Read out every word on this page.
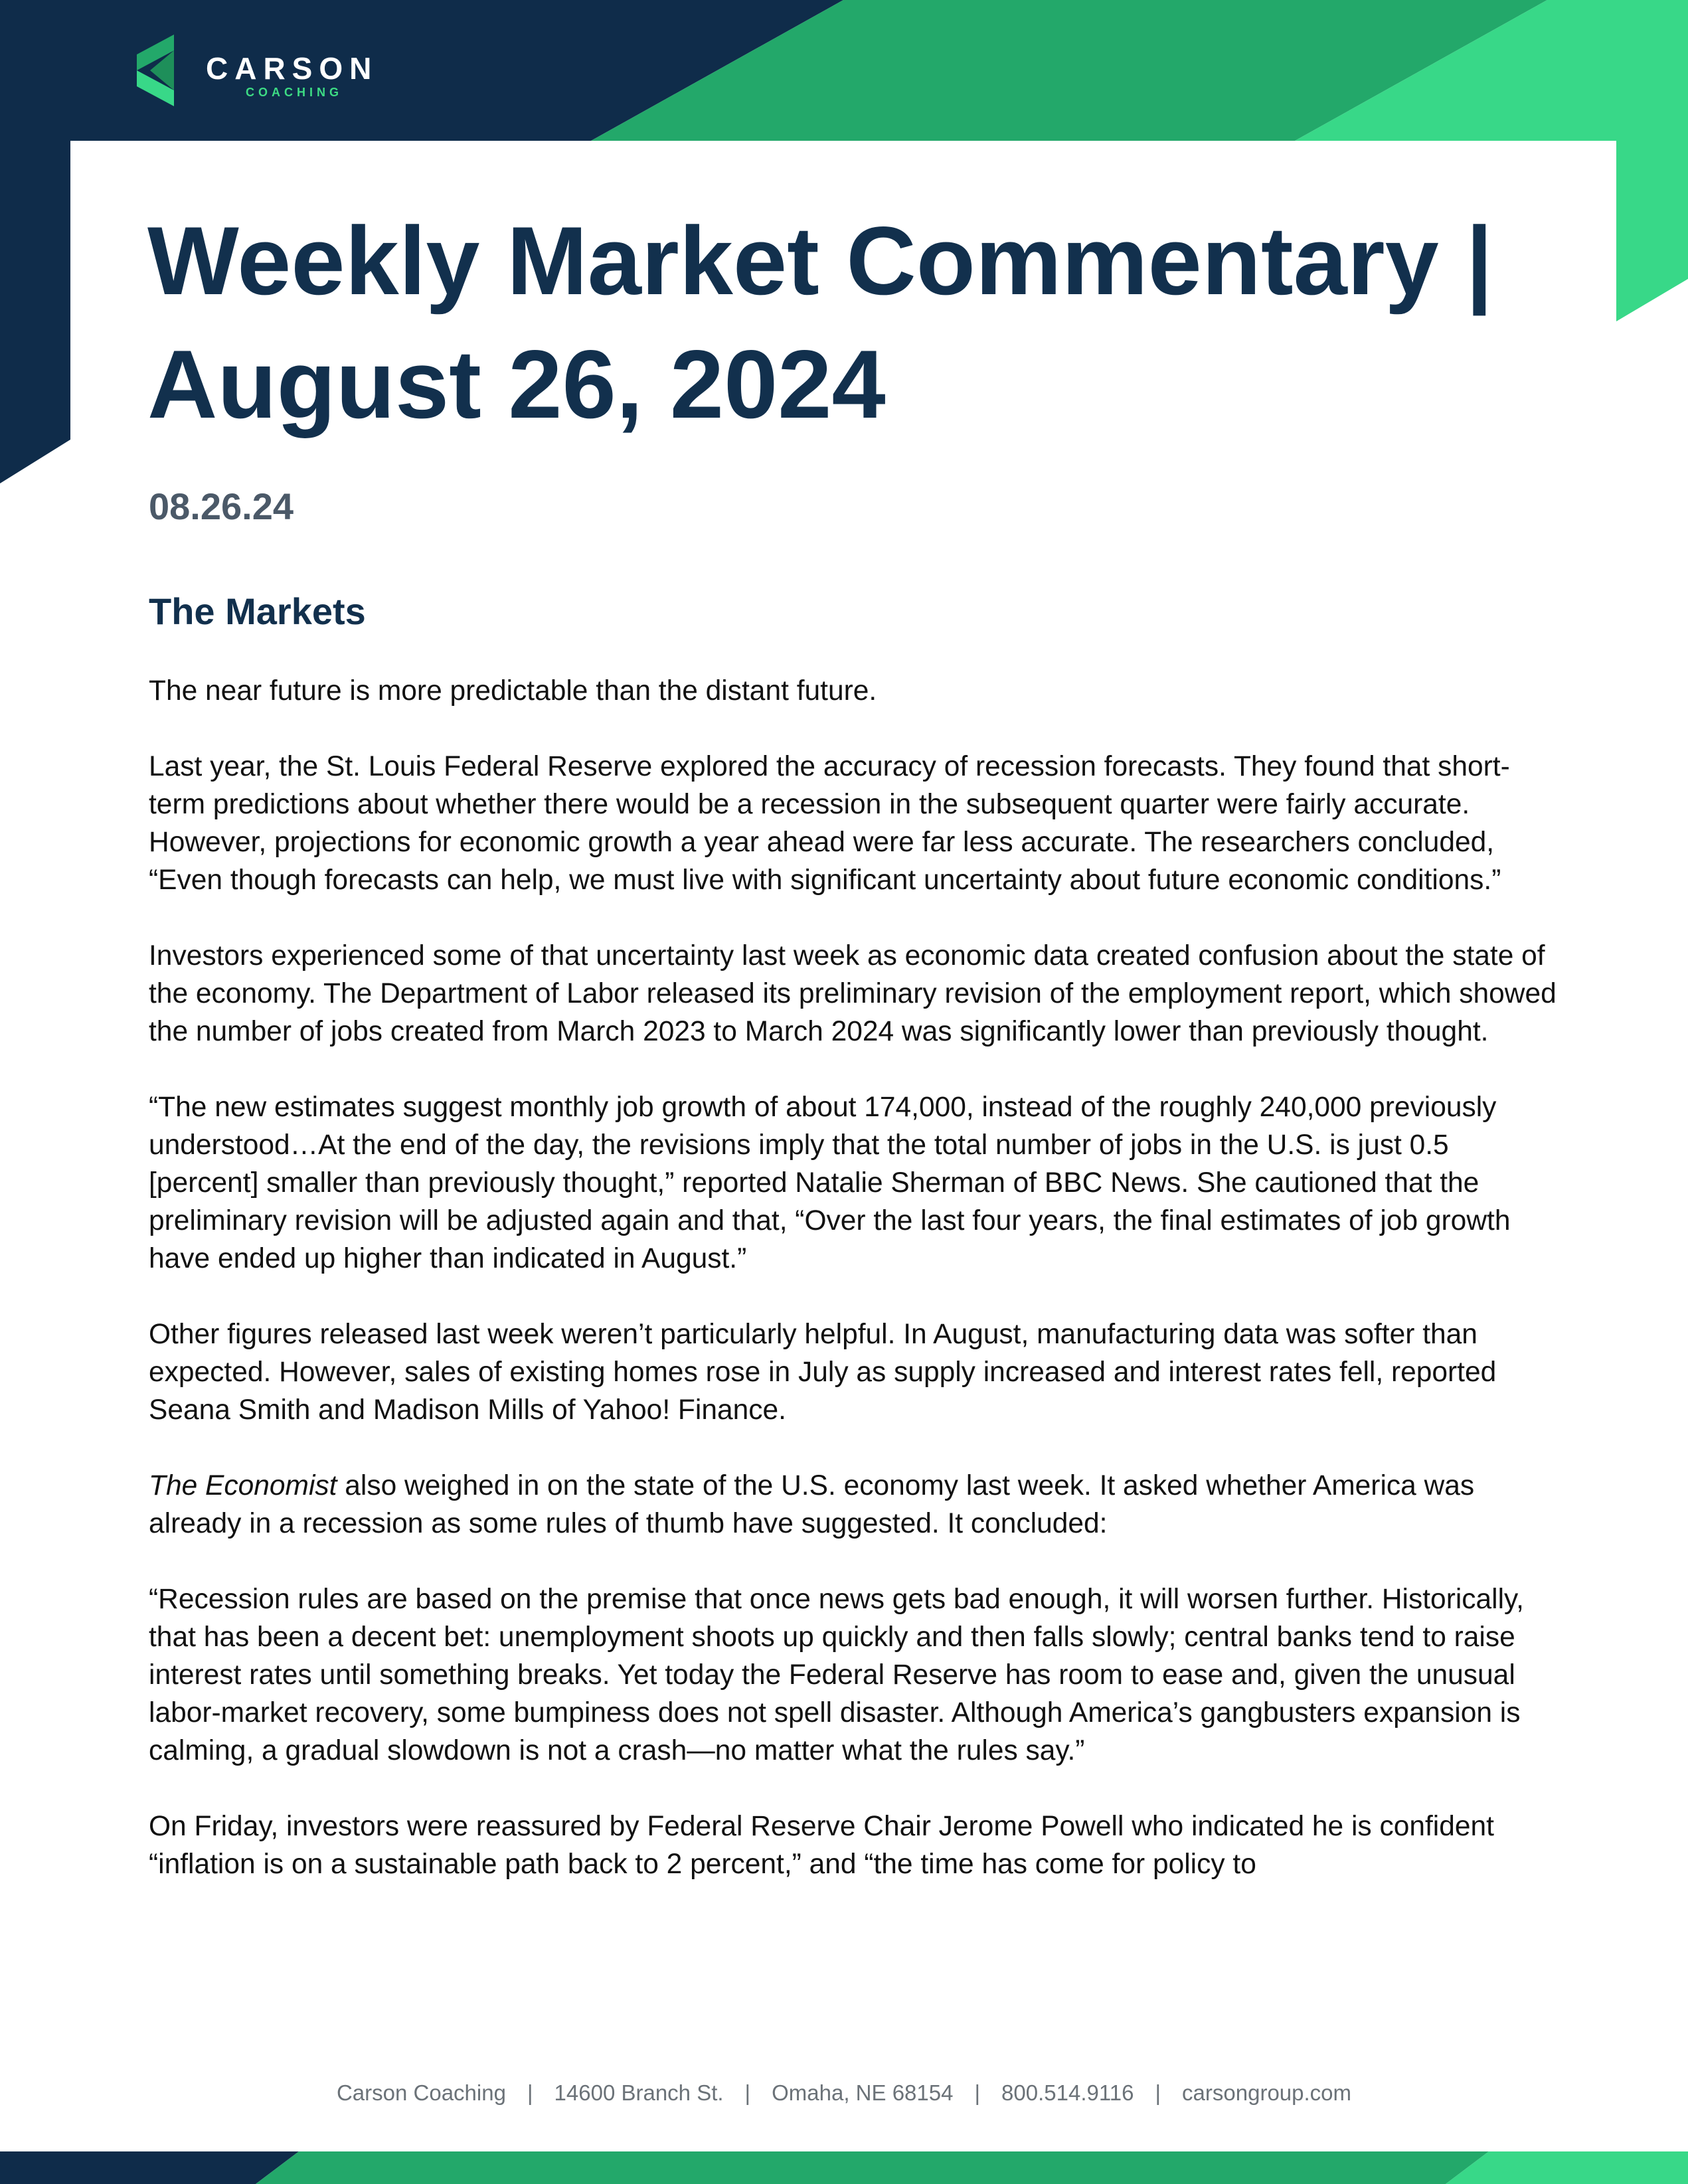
CARSON
COACHING
Weekly Market Commentary | August 26, 2024
08.26.24
The Markets

The near future is more predictable than the distant future.

Last year, the St. Louis Federal Reserve explored the accuracy of recession forecasts. They found that short-term predictions about whether there would be a recession in the subsequent quarter were fairly accurate. However, projections for economic growth a year ahead were far less accurate. The researchers concluded, “Even though forecasts can help, we must live with significant uncertainty about future economic conditions.”

Investors experienced some of that uncertainty last week as economic data created confusion about the state of the economy. The Department of Labor released its preliminary revision of the employment report, which showed the number of jobs created from March 2023 to March 2024 was significantly lower than previously thought.

“The new estimates suggest monthly job growth of about 174,000, instead of the roughly 240,000 previously understood…At the end of the day, the revisions imply that the total number of jobs in the U.S. is just 0.5 [percent] smaller than previously thought,” reported Natalie Sherman of BBC News. She cautioned that the preliminary revision will be adjusted again and that, “Over the last four years, the final estimates of job growth have ended up higher than indicated in August.”

Other figures released last week weren’t particularly helpful. In August, manufacturing data was softer than expected. However, sales of existing homes rose in July as supply increased and interest rates fell, reported Seana Smith and Madison Mills of Yahoo! Finance.

The Economist also weighed in on the state of the U.S. economy last week. It asked whether America was already in a recession as some rules of thumb have suggested. It concluded:

“Recession rules are based on the premise that once news gets bad enough, it will worsen further. Historically, that has been a decent bet: unemployment shoots up quickly and then falls slowly; central banks tend to raise interest rates until something breaks. Yet today the Federal Reserve has room to ease and, given the unusual labor-market recovery, some bumpiness does not spell disaster. Although America’s gangbusters expansion is calming, a gradual slowdown is not a crash—no matter what the rules say.”

On Friday, investors were reassured by Federal Reserve Chair Jerome Powell who indicated he is confident “inflation is on a sustainable path back to 2 percent,” and “the time has come for policy to

Carson Coaching | 14600 Branch St. | Omaha, NE 68154 | 800.514.9116 | carsongroup.com
